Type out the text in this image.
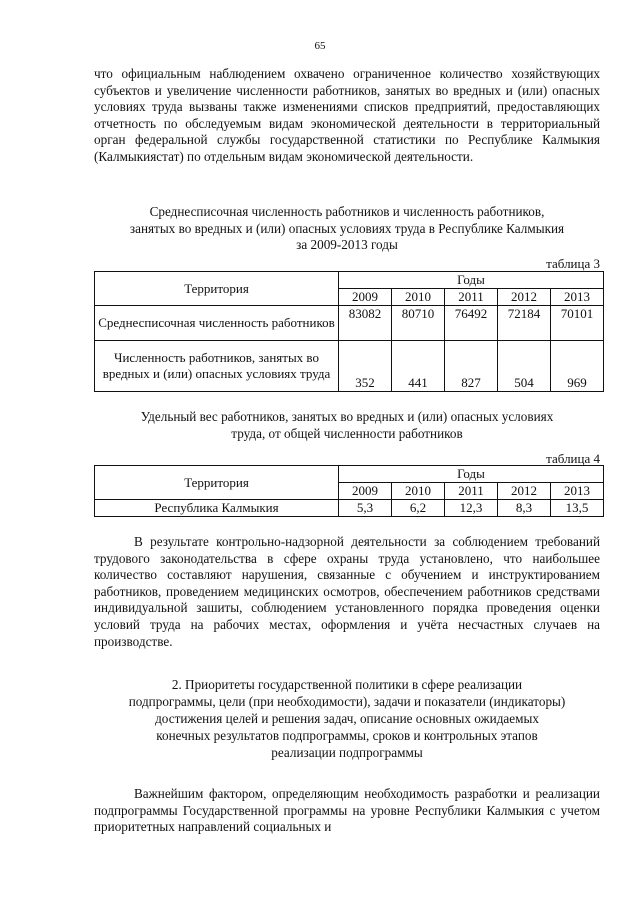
65

что официальным наблюдением охвачено ограниченное количество хозяйствующих субъектов и увеличение численности работников, занятых во вредных и (или) опасных условиях труда вызваны также изменениями списков предприятий, предоставляющих отчетность по обследуемым видам экономической деятельности в территориальный орган федеральной службы государственной статистики по Республике Калмыкия (Калмыкиястат) по отдельным видам экономической деятельности.

Среднесписочная численность работников и численность работников,
занятых во вредных и (или) опасных условиях труда в Республике Калмыкия
за 2009-2013 годы
таблица 3
Территория	Годы				
	2009	2010	2011	2012	2013
Среднесписочная численность работников	83082	80710	76492	72184	70101
Численность работников, занятых во вредных и (или) опасных условиях труда	352	441	827	504	969
Удельный вес работников, занятых во вредных и (или) опасных условиях
труда, от общей численности работников
таблица 4
Территория	Годы				
	2009	2010	2011	2012	2013
Республика Калмыкия	5,3	6,2	12,3	8,3	13,5

В результате контрольно-надзорной деятельности за соблюдением требований трудового законодательства в сфере охраны труда установлено, что наибольшее количество составляют нарушения, связанные с обучением и инструктированием работников, проведением медицинских осмотров, обеспечением работников средствами индивидуальной зашиты, соблюдением установленного порядка проведения оценки условий труда на рабочих местах, оформления и учёта несчастных случаев на производстве.

2. Приоритеты государственной политики в сфере реализации
подпрограммы, цели (при необходимости), задачи и показатели (индикаторы)
достижения целей и решения задач, описание основных ожидаемых
конечных результатов подпрограммы, сроков и контрольных этапов
реализации подпрограммы

Важнейшим фактором, определяющим необходимость разработки и реализации подпрограммы Государственной программы на уровне Республики Калмыкия с учетом приоритетных направлений социальных и
